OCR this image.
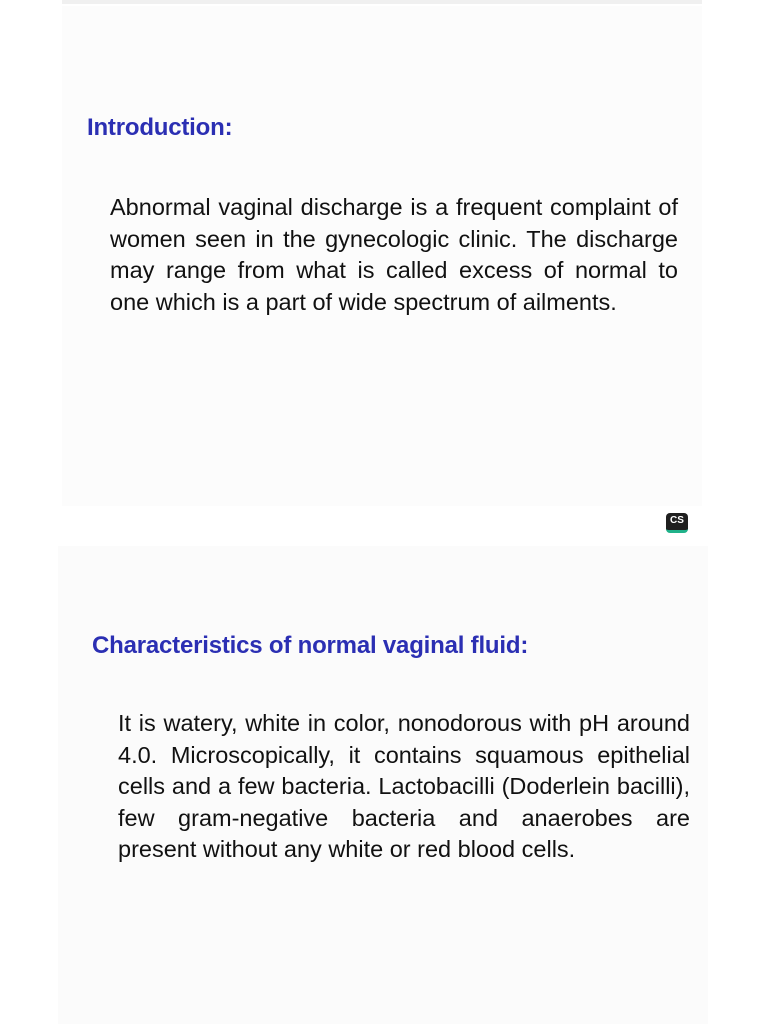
Introduction:

Abnormal vaginal discharge is a frequent complaint of women seen in the gynecologic clinic. The discharge may range from what is called excess of normal to one which is a part of wide spectrum of ailments.

CS
Characteristics of normal vaginal fluid:

It is watery, white in color, nonodorous with pH around 4.0. Microscopically, it contains squamous epithelial cells and a few bacteria. Lactobacilli (Doderlein bacilli), few gram-negative bacteria and anaerobes are present without any white or red blood cells.
